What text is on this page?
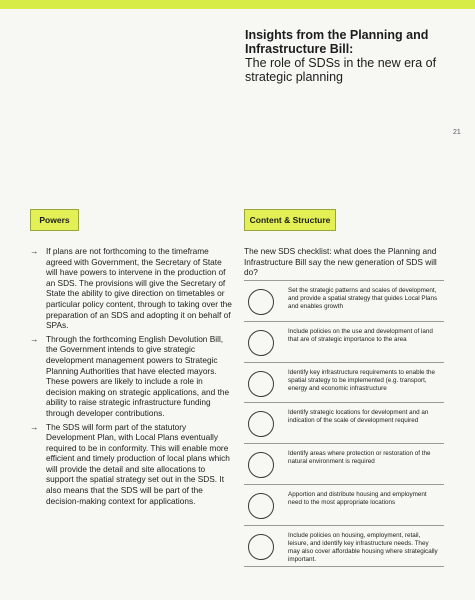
Insights from the Planning and Infrastructure Bill:
The role of SDSs in the new era of strategic planning
21
Powers	Content & Structure
→ If plans are not forthcoming to the timeframe agreed with Government, the Secretary of State will have powers to intervene in the production of an SDS. The provisions will give the Secretary of State the ability to give direction on timetables or particular policy content, through to taking over the preparation of an SDS and adopting it on behalf of SPAs.
→ Through the forthcoming English Devolution Bill, the Government intends to give strategic development management powers to Strategic Planning Authorities that have elected mayors. These powers are likely to include a role in decision making on strategic applications, and the ability to raise strategic infrastructure funding through developer contributions.
→ The SDS will form part of the statutory Development Plan, with Local Plans eventually required to be in conformity. This will enable more efficient and timely production of local plans which will provide the detail and site allocations to support the spatial strategy set out in the SDS. It also means that the SDS will be part of the decision-making context for applications.
The new SDS checklist: what does the Planning and Infrastructure Bill say the new generation of SDS will do?
Set the strategic patterns and scales of development, and provide a spatial strategy that guides Local Plans and enables growth
Include policies on the use and development of land that are of strategic importance to the area
Identify key infrastructure requirements to enable the spatial strategy to be implemented (e.g. transport, energy and economic infrastructure
Identify strategic locations for development and an indication of the scale of development required
Identify areas where protection or restoration of the natural environment is required
Apportion and distribute housing and employment need to the most appropriate locations
Include policies on housing, employment, retail, leisure, and identify key infrastructure needs. They may also cover affordable housing where strategically important.
